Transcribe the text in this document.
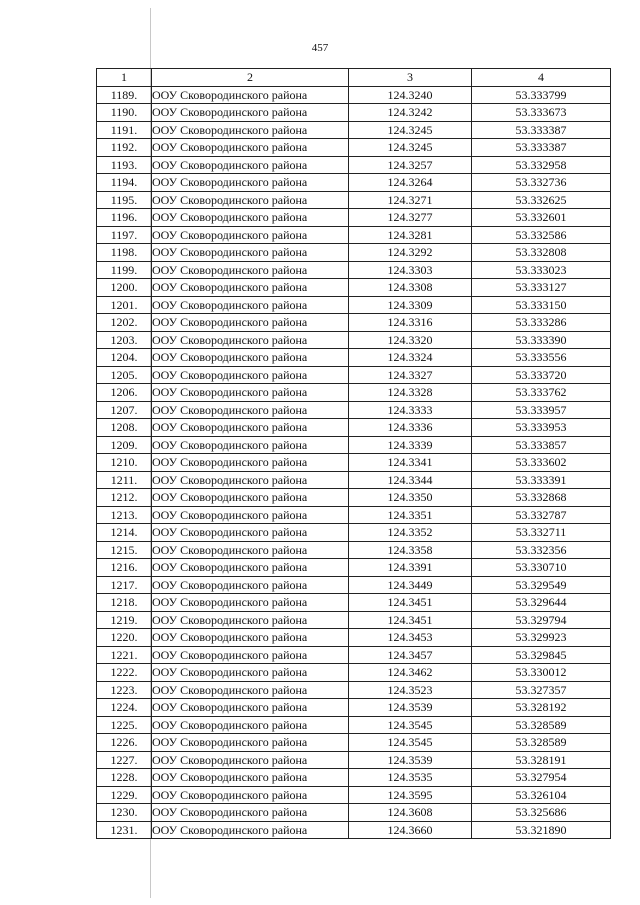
457
1	2	3	4
1189.	ООУ Сковородинского района	124.3240	53.333799
1190.	ООУ Сковородинского района	124.3242	53.333673
1191.	ООУ Сковородинского района	124.3245	53.333387
1192.	ООУ Сковородинского района	124.3245	53.333387
1193.	ООУ Сковородинского района	124.3257	53.332958
1194.	ООУ Сковородинского района	124.3264	53.332736
1195.	ООУ Сковородинского района	124.3271	53.332625
1196.	ООУ Сковородинского района	124.3277	53.332601
1197.	ООУ Сковородинского района	124.3281	53.332586
1198.	ООУ Сковородинского района	124.3292	53.332808
1199.	ООУ Сковородинского района	124.3303	53.333023
1200.	ООУ Сковородинского района	124.3308	53.333127
1201.	ООУ Сковородинского района	124.3309	53.333150
1202.	ООУ Сковородинского района	124.3316	53.333286
1203.	ООУ Сковородинского района	124.3320	53.333390
1204.	ООУ Сковородинского района	124.3324	53.333556
1205.	ООУ Сковородинского района	124.3327	53.333720
1206.	ООУ Сковородинского района	124.3328	53.333762
1207.	ООУ Сковородинского района	124.3333	53.333957
1208.	ООУ Сковородинского района	124.3336	53.333953
1209.	ООУ Сковородинского района	124.3339	53.333857
1210.	ООУ Сковородинского района	124.3341	53.333602
1211.	ООУ Сковородинского района	124.3344	53.333391
1212.	ООУ Сковородинского района	124.3350	53.332868
1213.	ООУ Сковородинского района	124.3351	53.332787
1214.	ООУ Сковородинского района	124.3352	53.332711
1215.	ООУ Сковородинского района	124.3358	53.332356
1216.	ООУ Сковородинского района	124.3391	53.330710
1217.	ООУ Сковородинского района	124.3449	53.329549
1218.	ООУ Сковородинского района	124.3451	53.329644
1219.	ООУ Сковородинского района	124.3451	53.329794
1220.	ООУ Сковородинского района	124.3453	53.329923
1221.	ООУ Сковородинского района	124.3457	53.329845
1222.	ООУ Сковородинского района	124.3462	53.330012
1223.	ООУ Сковородинского района	124.3523	53.327357
1224.	ООУ Сковородинского района	124.3539	53.328192
1225.	ООУ Сковородинского района	124.3545	53.328589
1226.	ООУ Сковородинского района	124.3545	53.328589
1227.	ООУ Сковородинского района	124.3539	53.328191
1228.	ООУ Сковородинского района	124.3535	53.327954
1229.	ООУ Сковородинского района	124.3595	53.326104
1230.	ООУ Сковородинского района	124.3608	53.325686
1231.	ООУ Сковородинского района	124.3660	53.321890
